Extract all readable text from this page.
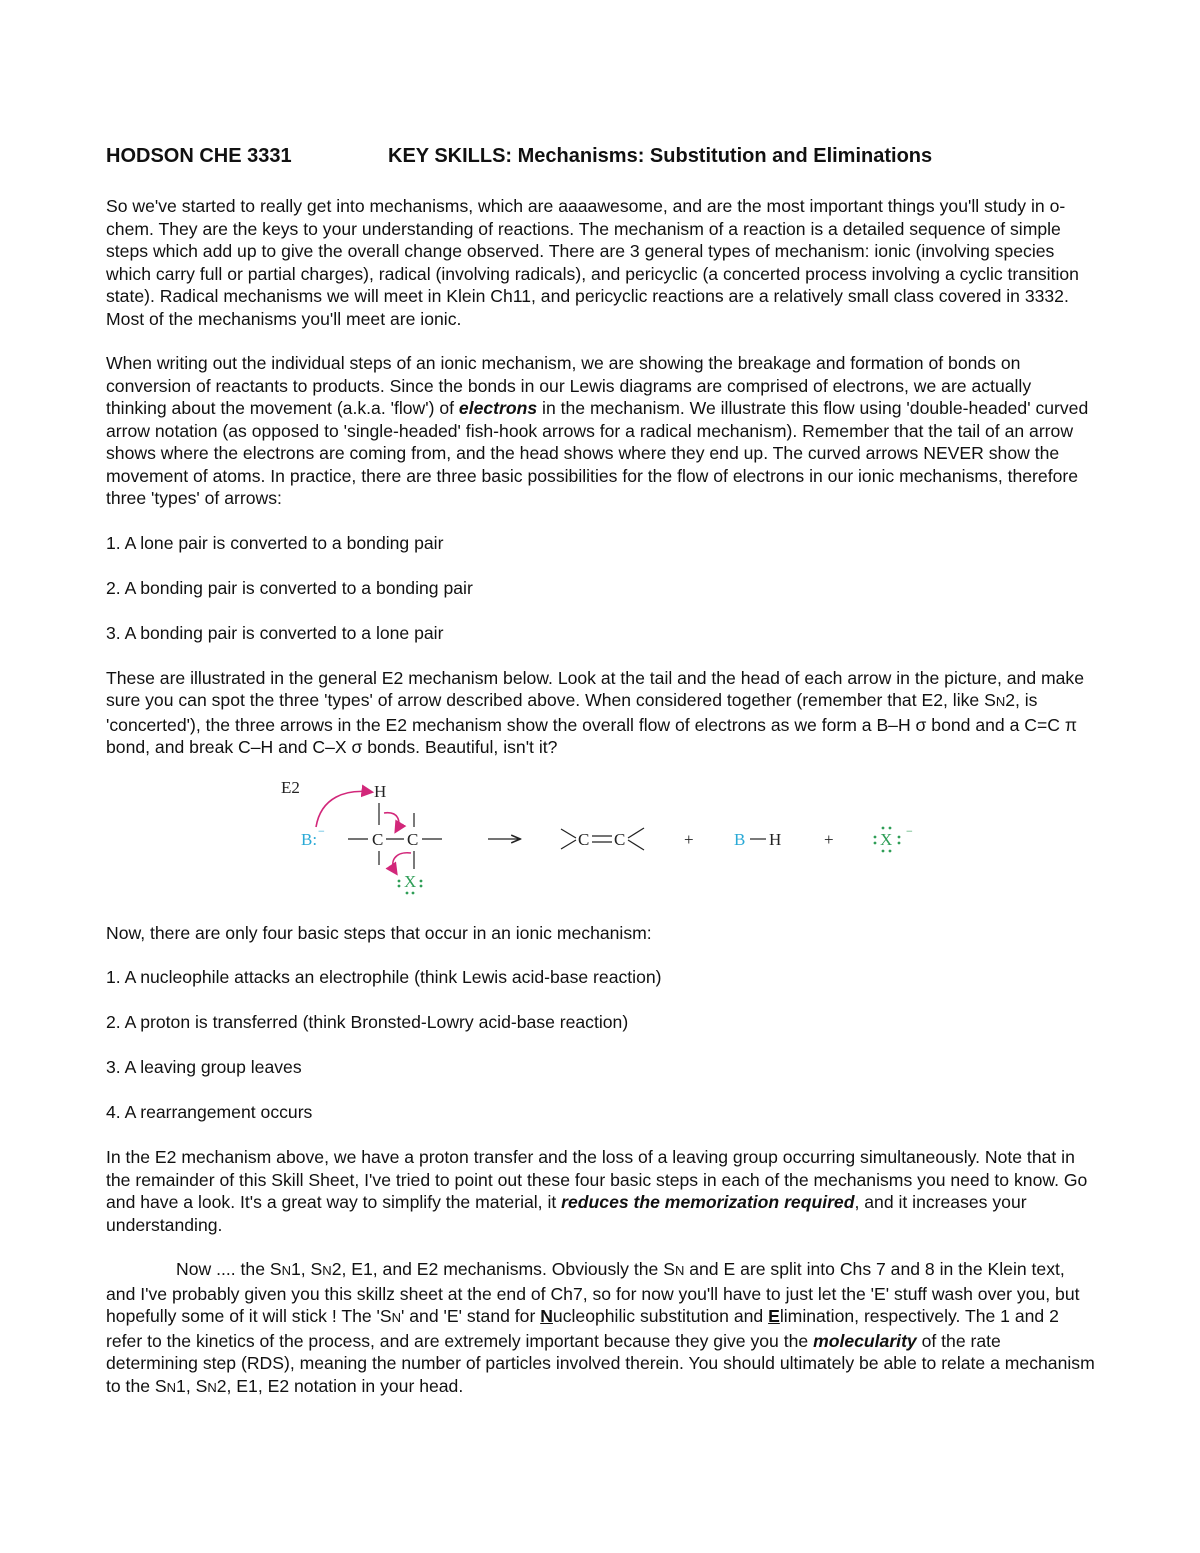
HODSON CHE 3331	KEY SKILLS: Mechanisms: Substitution and Eliminations

So we've started to really get into mechanisms, which are aaaawesome, and are the most important things you'll study in o-chem. They are the keys to your understanding of reactions. The mechanism of a reaction is a detailed sequence of simple steps which add up to give the overall change observed. There are 3 general types of mechanism: ionic (involving species which carry full or partial charges), radical (involving radicals), and pericyclic (a concerted process involving a cyclic transition state). Radical mechanisms we will meet in Klein Ch11, and pericyclic reactions are a relatively small class covered in 3332. Most of the mechanisms you'll meet are ionic.

When writing out the individual steps of an ionic mechanism, we are showing the breakage and formation of bonds on conversion of reactants to products. Since the bonds in our Lewis diagrams are comprised of electrons, we are actually thinking about the movement (a.k.a. 'flow') of electrons in the mechanism. We illustrate this flow using 'double-headed' curved arrow notation (as opposed to 'single-headed' fish-hook arrows for a radical mechanism). Remember that the tail of an arrow shows where the electrons are coming from, and the head shows where they end up. The curved arrows NEVER show the movement of atoms. In practice, there are three basic possibilities for the flow of electrons in our ionic mechanisms, therefore three 'types' of arrows:

1. A lone pair is converted to a bonding pair
2. A bonding pair is converted to a bonding pair
3. A bonding pair is converted to a lone pair

These are illustrated in the general E2 mechanism below. Look at the tail and the head of each arrow in the picture, and make sure you can spot the three 'types' of arrow described above. When considered together (remember that E2, like SN2, is 'concerted'), the three arrows in the E2 mechanism show the overall flow of electrons as we form a B–H σ bond and a C=C π bond, and break C–H and C–X σ bonds. Beautiful, isn't it?

E2
B: −
H
C C
X
C C	+ B H	+	X −

Now, there are only four basic steps that occur in an ionic mechanism:

1. A nucleophile attacks an electrophile (think Lewis acid-base reaction)
2. A proton is transferred (think Bronsted-Lowry acid-base reaction)
3. A leaving group leaves
4. A rearrangement occurs

In the E2 mechanism above, we have a proton transfer and the loss of a leaving group occurring simultaneously. Note that in the remainder of this Skill Sheet, I've tried to point out these four basic steps in each of the mechanisms you need to know. Go and have a look. It's a great way to simplify the material, it reduces the memorization required, and it increases your understanding.

Now .... the SN1, SN2, E1, and E2 mechanisms. Obviously the SN and E are split into Chs 7 and 8 in the Klein text, and I've probably given you this skillz sheet at the end of Ch7, so for now you'll have to just let the 'E' stuff wash over you, but hopefully some of it will stick ! The 'SN' and 'E' stand for Nucleophilic substitution and Elimination, respectively. The 1 and 2 refer to the kinetics of the process, and are extremely important because they give you the molecularity of the rate determining step (RDS), meaning the number of particles involved therein. You should ultimately be able to relate a mechanism to the SN1, SN2, E1, E2 notation in your head.
